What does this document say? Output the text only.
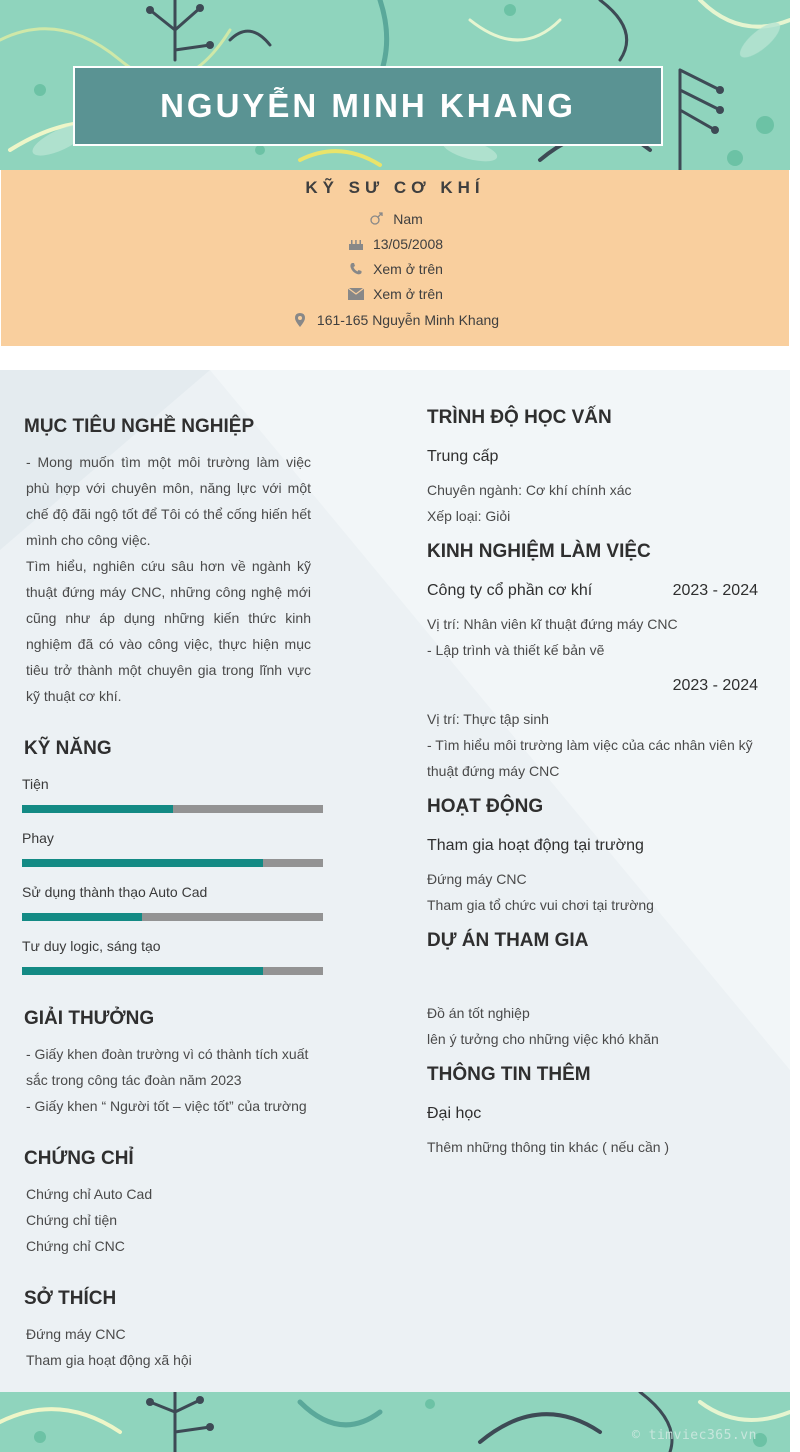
NGUYỄN MINH KHANG
KỸ SƯ CƠ KHÍ
Nam
13/05/2008
Xem ở trên
Xem ở trên
161-165 Nguyễn Minh Khang
MỤC TIÊU NGHỀ NGHIỆP
- Mong muốn tìm một môi trường làm việc
phù hợp với chuyên môn, năng lực với một
chế độ đãi ngộ tốt để Tôi có thể cống hiến hết
mình cho công việc.
Tìm hiểu, nghiên cứu sâu hơn về ngành kỹ
thuật đứng máy CNC, những công nghệ mới
cũng như áp dụng những kiến thức kinh
nghiệm đã có vào công việc, thực hiện mục
tiêu trở thành một chuyên gia trong lĩnh vực
kỹ thuật cơ khí.
KỸ NĂNG
Tiện
Phay
Sử dụng thành thạo Auto Cad
Tư duy logic, sáng tạo
GIẢI THƯỞNG
- Giấy khen đoàn trường vì có thành tích xuất
sắc trong công tác đoàn năm 2023
- Giấy khen “ Người tốt – việc tốt” của trường
CHỨNG CHỈ
Chứng chỉ Auto Cad
Chứng chỉ tiện
Chứng chỉ CNC
SỞ THÍCH
Đứng máy CNC
Tham gia hoạt động xã hội
TRÌNH ĐỘ HỌC VẤN
Trung cấp
Chuyên ngành: Cơ khí chính xác
Xếp loại: Giỏi
KINH NGHIỆM LÀM VIỆC
Công ty cổ phần cơ khí	2023 - 2024
Vị trí: Nhân viên kĩ thuật đứng máy CNC
- Lập trình và thiết kế bản vẽ
2023 - 2024
Vị trí: Thực tập sinh
- Tìm hiểu môi trường làm việc của các nhân viên kỹ
thuật đứng máy CNC
HOẠT ĐỘNG
Tham gia hoạt động tại trường
Đứng máy CNC
Tham gia tổ chức vui chơi tại trường
DỰ ÁN THAM GIA
Đồ án tốt nghiệp
lên ý tưởng cho những việc khó khăn
THÔNG TIN THÊM
Đại học
Thêm những thông tin khác ( nếu cần )
© timviec365.vn
